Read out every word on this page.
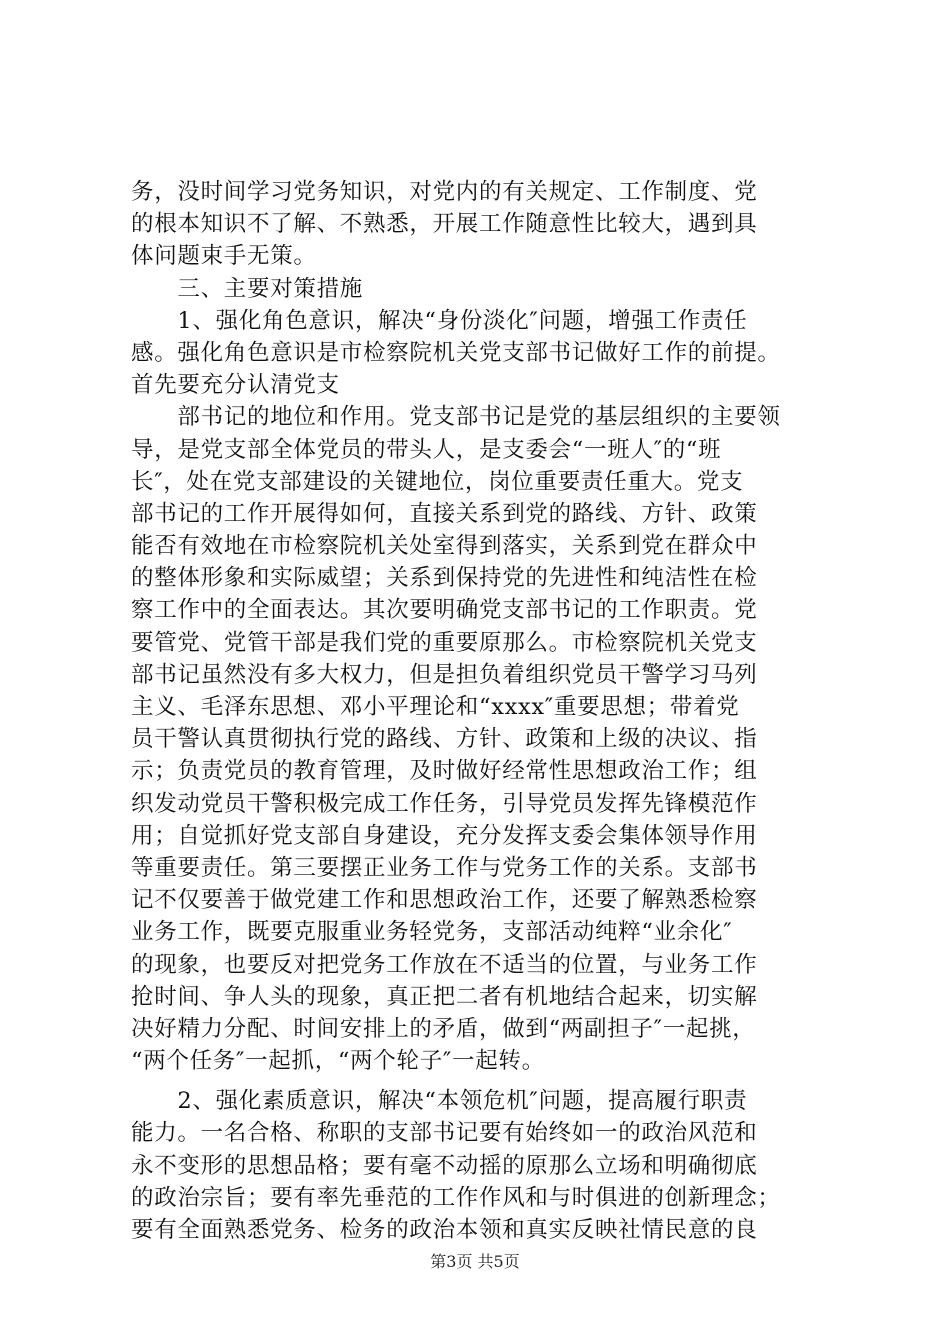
务，没时间学习党务知识，对党内的有关规定、工作制度、党
的根本知识不了解、不熟悉，开展工作随意性比较大，遇到具
体问题束手无策。
　　三、主要对策措施
　　1、强化角色意识，解决“身份淡化″问题，增强工作责任
感。强化角色意识是市检察院机关党支部书记做好工作的前提。
首先要充分认清党支
　　部书记的地位和作用。党支部书记是党的基层组织的主要领
导，是党支部全体党员的带头人，是支委会“一班人″的“班
长″，处在党支部建设的关键地位，岗位重要责任重大。党支
部书记的工作开展得如何，直接关系到党的路线、方针、政策
能否有效地在市检察院机关处室得到落实，关系到党在群众中
的整体形象和实际威望；关系到保持党的先进性和纯洁性在检
察工作中的全面表达。其次要明确党支部书记的工作职责。党
要管党、党管干部是我们党的重要原那么。市检察院机关党支
部书记虽然没有多大权力，但是担负着组织党员干警学习马列
主义、毛泽东思想、邓小平理论和“xxxx″重要思想；带着党
员干警认真贯彻执行党的路线、方针、政策和上级的决议、指
示；负责党员的教育管理，及时做好经常性思想政治工作；组
织发动党员干警积极完成工作任务，引导党员发挥先锋模范作
用；自觉抓好党支部自身建设，充分发挥支委会集体领导作用
等重要责任。第三要摆正业务工作与党务工作的关系。支部书
记不仅要善于做党建工作和思想政治工作，还要了解熟悉检察
业务工作，既要克服重业务轻党务，支部活动纯粹“业余化″
的现象，也要反对把党务工作放在不适当的位置，与业务工作
抢时间、争人头的现象，真正把二者有机地结合起来，切实解
决好精力分配、时间安排上的矛盾，做到“两副担子″一起挑，
“两个任务″一起抓，“两个轮子″一起转。
　　2、强化素质意识，解决“本领危机″问题，提高履行职责
能力。一名合格、称职的支部书记要有始终如一的政治风范和
永不变形的思想品格；要有毫不动摇的原那么立场和明确彻底
的政治宗旨；要有率先垂范的工作作风和与时俱进的创新理念；
要有全面熟悉党务、检务的政治本领和真实反映社情民意的良
第3页 共5页
